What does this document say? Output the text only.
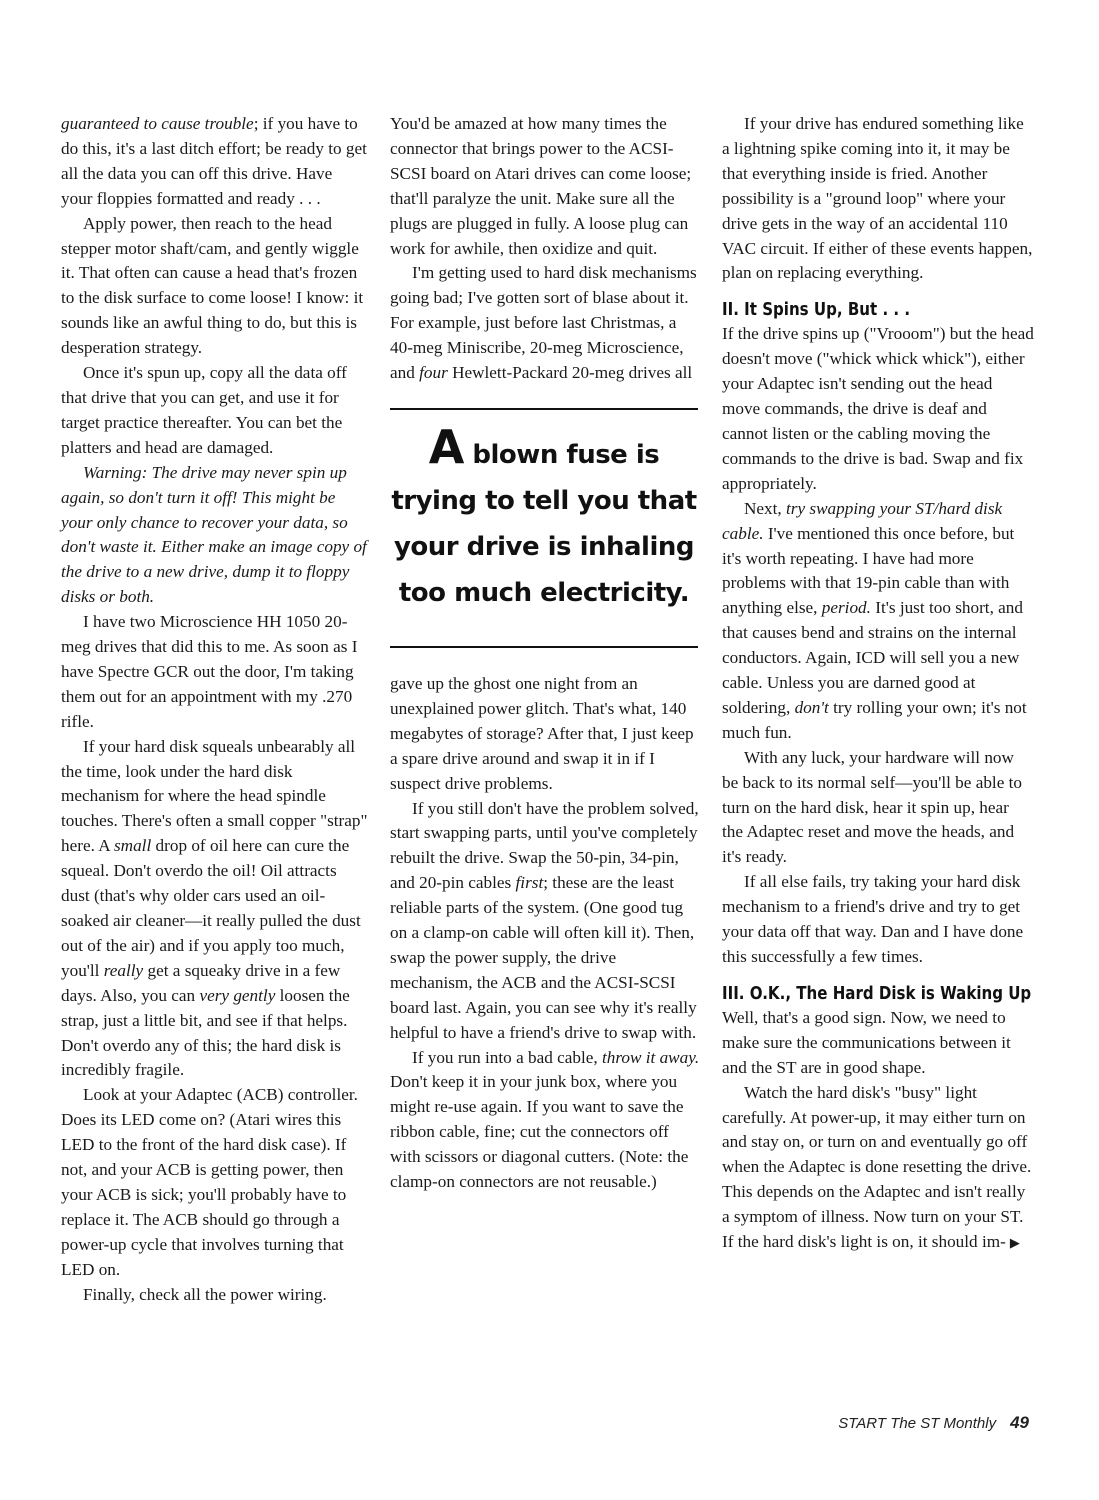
guaranteed to cause trouble; if you have to do this, it's a last ditch effort; be ready to get all the data you can off this drive. Have your floppies formatted and ready . . .

Apply power, then reach to the head stepper motor shaft/cam, and gently wiggle it. That often can cause a head that's frozen to the disk surface to come loose! I know: it sounds like an awful thing to do, but this is desperation strategy.

Once it's spun up, copy all the data off that drive that you can get, and use it for target practice thereafter. You can bet the platters and head are damaged.

Warning: The drive may never spin up again, so don't turn it off! This might be your only chance to recover your data, so don't waste it. Either make an image copy of the drive to a new drive, dump it to floppy disks or both.

I have two Microscience HH 1050 20-meg drives that did this to me. As soon as I have Spectre GCR out the door, I'm taking them out for an appointment with my .270 rifle.

If your hard disk squeals unbearably all the time, look under the hard disk mechanism for where the head spindle touches. There's often a small copper "strap" here. A small drop of oil here can cure the squeal. Don't overdo the oil! Oil attracts dust (that's why older cars used an oil-soaked air cleaner—it really pulled the dust out of the air) and if you apply too much, you'll really get a squeaky drive in a few days. Also, you can very gently loosen the strap, just a little bit, and see if that helps. Don't overdo any of this; the hard disk is incredibly fragile.

Look at your Adaptec (ACB) controller. Does its LED come on? (Atari wires this LED to the front of the hard disk case). If not, and your ACB is getting power, then your ACB is sick; you'll probably have to replace it. The ACB should go through a power-up cycle that involves turning that LED on.

Finally, check all the power wiring.

You'd be amazed at how many times the connector that brings power to the ACSI-SCSI board on Atari drives can come loose; that'll paralyze the unit. Make sure all the plugs are plugged in fully. A loose plug can work for awhile, then oxidize and quit.

I'm getting used to hard disk mechanisms going bad; I've gotten sort of blase about it. For example, just before last Christmas, a 40-meg Miniscribe, 20-meg Microscience, and four Hewlett-Packard 20-meg drives all

A blown fuse is trying to tell you that your drive is inhaling too much electricity.

gave up the ghost one night from an unexplained power glitch. That's what, 140 megabytes of storage? After that, I just keep a spare drive around and swap it in if I suspect drive problems.

If you still don't have the problem solved, start swapping parts, until you've completely rebuilt the drive. Swap the 50-pin, 34-pin, and 20-pin cables first; these are the least reliable parts of the system. (One good tug on a clamp-on cable will often kill it). Then, swap the power supply, the drive mechanism, the ACB and the ACSI-SCSI board last. Again, you can see why it's really helpful to have a friend's drive to swap with.

If you run into a bad cable, throw it away. Don't keep it in your junk box, where you might re-use again. If you want to save the ribbon cable, fine; cut the connectors off with scissors or diagonal cutters. (Note: the clamp-on connectors are not reusable.)

If your drive has endured something like a lightning spike coming into it, it may be that everything inside is fried. Another possibility is a "ground loop" where your drive gets in the way of an accidental 110 VAC circuit. If either of these events happen, plan on replacing everything.

II. It Spins Up, But . . .

If the drive spins up ("Vrooom") but the head doesn't move ("whick whick whick"), either your Adaptec isn't sending out the head move commands, the drive is deaf and cannot listen or the cabling moving the commands to the drive is bad. Swap and fix appropriately.

Next, try swapping your ST/hard disk cable. I've mentioned this once before, but it's worth repeating. I have had more problems with that 19-pin cable than with anything else, period. It's just too short, and that causes bend and strains on the internal conductors. Again, ICD will sell you a new cable. Unless you are darned good at soldering, don't try rolling your own; it's not much fun.

With any luck, your hardware will now be back to its normal self—you'll be able to turn on the hard disk, hear it spin up, hear the Adaptec reset and move the heads, and it's ready.

If all else fails, try taking your hard disk mechanism to a friend's drive and try to get your data off that way. Dan and I have done this successfully a few times.

III. O.K., The Hard Disk is Waking Up

Well, that's a good sign. Now, we need to make sure the communications between it and the ST are in good shape.

Watch the hard disk's "busy" light carefully. At power-up, it may either turn on and stay on, or turn on and eventually go off when the Adaptec is done resetting the drive. This depends on the Adaptec and isn't really a symptom of illness. Now turn on your ST. If the hard disk's light is on, it should im- ▶

START The ST Monthly 49
